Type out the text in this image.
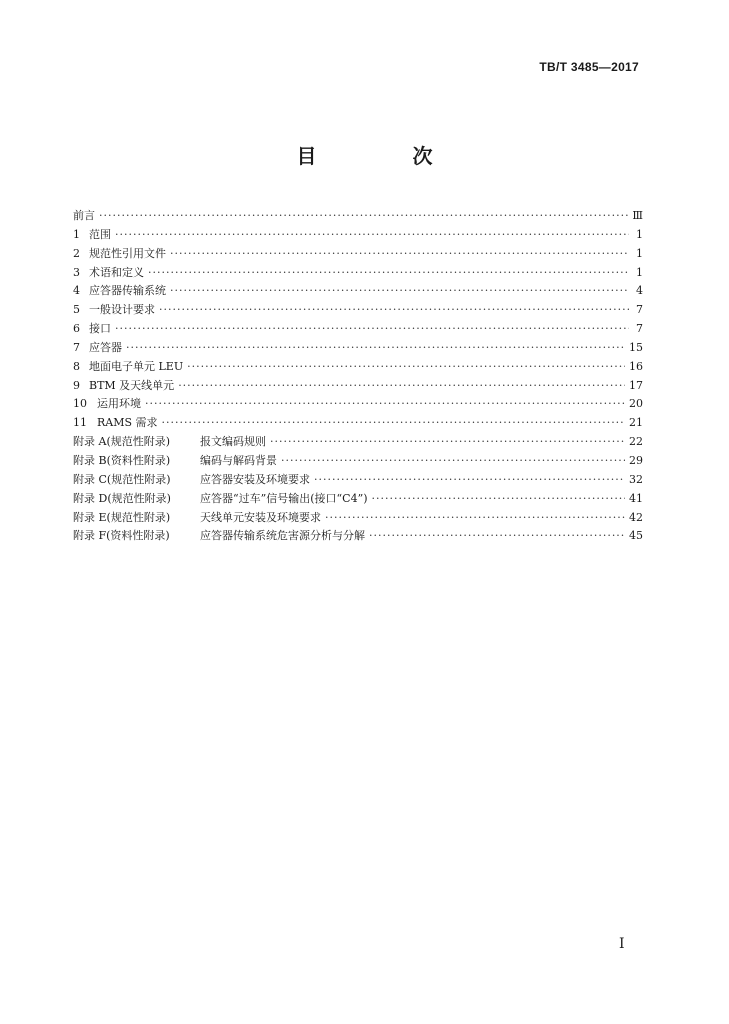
TB/T 3485—2017
目　次
前言 ·····	Ⅲ
1 范围 ·····	1
2 规范性引用文件 ·····	1
3 术语和定义 ·····	1
4 应答器传输系统 ·····	4
5 一般设计要求 ·····	7
6 接口 ·····	7
7 应答器 ·····	15
8 地面电子单元 LEU ·····	16
9 BTM 及天线单元 ·····	17
10 运用环境 ·····	20
11 RAMS 需求 ·····	21
附录 A(规范性附录)	报文编码规则 ·····	22
附录 B(资料性附录)	编码与解码背景 ·····	29
附录 C(规范性附录)	应答器安装及环境要求 ·····	32
附录 D(规范性附录)	应答器“过车”信号输出(接口“C4”) ·····	41
附录 E(规范性附录)	天线单元安装及环境要求 ·····	42
附录 F(资料性附录)	应答器传输系统危害源分析与分解 ·····	45
I
